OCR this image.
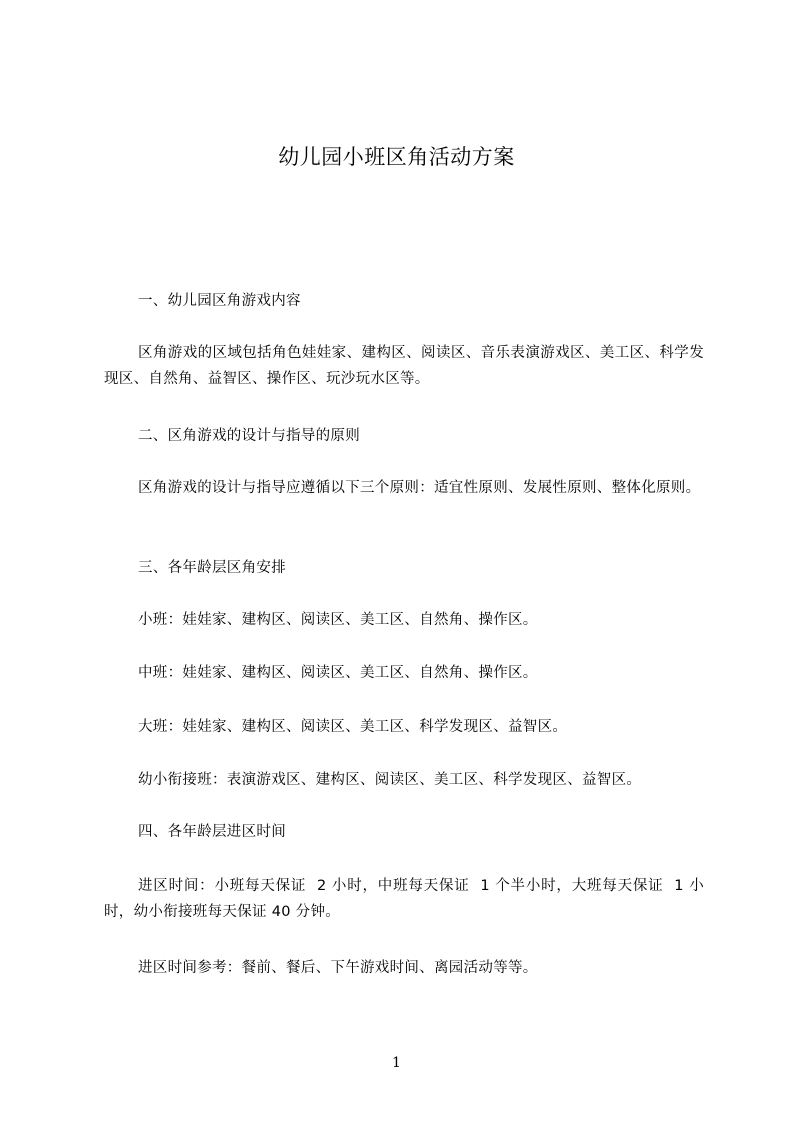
幼儿园小班区角活动方案

一、幼儿园区角游戏内容

区角游戏的区域包括角色娃娃家、建构区、阅读区、音乐表演游戏区、美工区、科学发现区、自然角、益智区、操作区、玩沙玩水区等。

二、区角游戏的设计与指导的原则

区角游戏的设计与指导应遵循以下三个原则：适宜性原则、发展性原则、整体化原则。

三、各年龄层区角安排

小班：娃娃家、建构区、阅读区、美工区、自然角、操作区。

中班：娃娃家、建构区、阅读区、美工区、自然角、操作区。

大班：娃娃家、建构区、阅读区、美工区、科学发现区、益智区。

幼小衔接班：表演游戏区、建构区、阅读区、美工区、科学发现区、益智区。

四、各年龄层进区时间

进区时间：小班每天保证  2 小时，中班每天保证  1 个半小时，大班每天保证  1 小时，幼小衔接班每天保证 40 分钟。

进区时间参考：餐前、餐后、下午游戏时间、离园活动等等。

1
